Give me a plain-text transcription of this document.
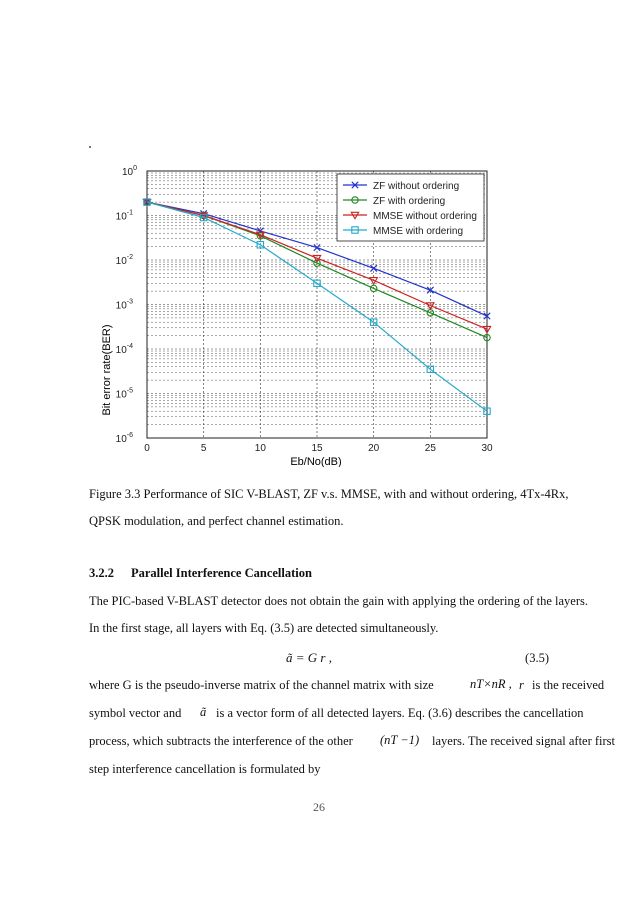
0	5	10	15	20	25	30
$10^0$
$10^{-1}$
$10^{-2}$
$10^{-3}$
$10^{-4}$
$10^{-5}$
$10^{-6}$
ZF without ordering
ZF with ordering
MMSE without ordering
MMSE with ordering
Bit error rate(BER)
Eb/No(dB)
Figure 3.3 Performance of SIC V-BLAST, ZF v.s. MMSE, with and without ordering, 4Tx-4Rx,
QPSK modulation, and perfect channel estimation.
3.2.2 Parallel Interference Cancellation
The PIC-based V-BLAST detector does not obtain the gain with applying the ordering of the layers.
In the first stage, all layers with Eq. (3.5) are detected simultaneously.
ã = G r ,	(3.5)
where G is the pseudo-inverse matrix of the channel matrix with size	nT×nR , r is the received
symbol vector and ã is a vector form of all detected layers. Eq. (3.6) describes the cancellation
process, which subtracts the interference of the other (nT −1) layers. The received signal after first
step interference cancellation is formulated by
26
